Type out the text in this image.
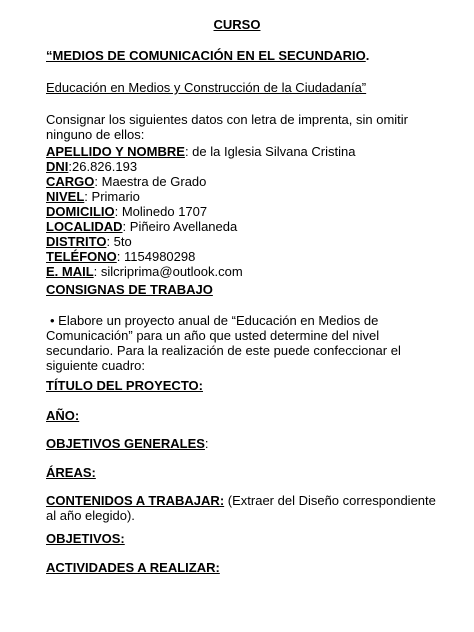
CURSO
“MEDIOS DE COMUNICACIÓN EN EL SECUNDARIO.
Educación en Medios y Construcción de la Ciudadanía”
Consignar los siguientes datos con letra de imprenta, sin omitir ninguno de ellos:
APELLIDO Y NOMBRE: de la Iglesia Silvana Cristina
DNI:26.826.193
CARGO: Maestra de Grado
NIVEL: Primario
DOMICILIO: Molinedo 1707
LOCALIDAD: Piñeiro Avellaneda
DISTRITO: 5to
TELÉFONO: 1154980298
E. MAIL: silcriprima@outlook.com
CONSIGNAS DE TRABAJO
• Elabore un proyecto anual de “Educación en Medios de Comunicación” para un año que usted determine del nivel secundario. Para la realización de este puede confeccionar el siguiente cuadro:
TÍTULO DEL PROYECTO:
AÑO:
OBJETIVOS GENERALES:
ÁREAS:
CONTENIDOS A TRABAJAR: (Extraer del Diseño correspondiente al año elegido).
OBJETIVOS:
ACTIVIDADES A REALIZAR:
